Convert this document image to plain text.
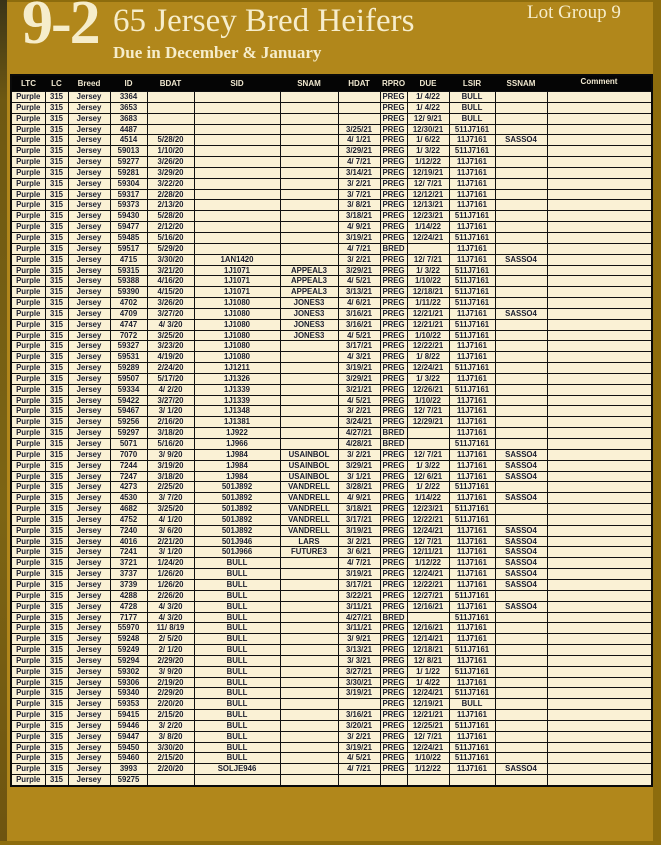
9-2 65 Jersey Bred Heifers
Due in December & January
Lot Group 9
LTC	LC	Breed	ID	BDAT	SID	SNAM	HDAT	RPRO	DUE	LSIR	SSNAM	Comment
Purple	315	Jersey	3364					PREG	1/ 4/22	BULL		
Purple	315	Jersey	3653					PREG	1/ 4/22	BULL		
Purple	315	Jersey	3683					PREG	12/ 9/21	BULL		
Purple	315	Jersey	4487				3/25/21	PREG	12/30/21	511J7161		
Purple	315	Jersey	4514	5/28/20			4/ 1/21	PREG	1/ 6/22	11J7161	SASSO4	
Purple	315	Jersey	59013	1/10/20			3/29/21	PREG	1/ 3/22	511J7161		
Purple	315	Jersey	59277	3/26/20			4/ 7/21	PREG	1/12/22	11J7161		
Purple	315	Jersey	59281	3/29/20			3/14/21	PREG	12/19/21	11J7161		
Purple	315	Jersey	59304	3/22/20			3/ 2/21	PREG	12/ 7/21	11J7161		
Purple	315	Jersey	59317	2/28/20			3/ 7/21	PREG	12/12/21	11J7161		
Purple	315	Jersey	59373	2/13/20			3/ 8/21	PREG	12/13/21	11J7161		
Purple	315	Jersey	59430	5/28/20			3/18/21	PREG	12/23/21	511J7161		
Purple	315	Jersey	59477	2/12/20			4/ 9/21	PREG	1/14/22	11J7161		
Purple	315	Jersey	59485	5/16/20			3/19/21	PREG	12/24/21	511J7161		
Purple	315	Jersey	59517	5/29/20			4/ 7/21	BRED		11J7161		
Purple	315	Jersey	4715	3/30/20	1AN1420		3/ 2/21	PREG	12/ 7/21	11J7161	SASSO4	
Purple	315	Jersey	59315	3/21/20	1J1071	APPEAL3	3/29/21	PREG	1/ 3/22	511J7161		
Purple	315	Jersey	59388	4/16/20	1J1071	APPEAL3	4/ 5/21	PREG	1/10/22	511J7161		
Purple	315	Jersey	59390	4/15/20	1J1071	APPEAL3	3/13/21	PREG	12/18/21	511J7161		
Purple	315	Jersey	4702	3/26/20	1J1080	JONES3	4/ 6/21	PREG	1/11/22	511J7161		
Purple	315	Jersey	4709	3/27/20	1J1080	JONES3	3/16/21	PREG	12/21/21	11J7161	SASSO4	
Purple	315	Jersey	4747	4/ 3/20	1J1080	JONES3	3/16/21	PREG	12/21/21	511J7161		
Purple	315	Jersey	7072	3/25/20	1J1080	JONES3	4/ 5/21	PREG	1/10/22	511J7161		
Purple	315	Jersey	59327	3/23/20	1J1080		3/17/21	PREG	12/22/21	11J7161		
Purple	315	Jersey	59531	4/19/20	1J1080		4/ 3/21	PREG	1/ 8/22	11J7161		
Purple	315	Jersey	59289	2/24/20	1J1211		3/19/21	PREG	12/24/21	511J7161		
Purple	315	Jersey	59507	5/17/20	1J1326		3/29/21	PREG	1/ 3/22	11J7161		
Purple	315	Jersey	59334	4/ 2/20	1J1339		3/21/21	PREG	12/26/21	511J7161		
Purple	315	Jersey	59422	3/27/20	1J1339		4/ 5/21	PREG	1/10/22	11J7161		
Purple	315	Jersey	59467	3/ 1/20	1J1348		3/ 2/21	PREG	12/ 7/21	11J7161		
Purple	315	Jersey	59256	2/16/20	1J1381		3/24/21	PREG	12/29/21	11J7161		
Purple	315	Jersey	59297	3/18/20	1J922		4/27/21	BRED		11J7161		
Purple	315	Jersey	5071	5/16/20	1J966		4/28/21	BRED		511J7161		
Purple	315	Jersey	7070	3/ 9/20	1J984	USAINBOL	3/ 2/21	PREG	12/ 7/21	11J7161	SASSO4	
Purple	315	Jersey	7244	3/19/20	1J984	USAINBOL	3/29/21	PREG	1/ 3/22	11J7161	SASSO4	
Purple	315	Jersey	7247	3/18/20	1J984	USAINBOL	3/ 1/21	PREG	12/ 6/21	11J7161	SASSO4	
Purple	315	Jersey	4273	2/25/20	501J892	VANDRELL	3/28/21	PREG	1/ 2/22	511J7161		
Purple	315	Jersey	4530	3/ 7/20	501J892	VANDRELL	4/ 9/21	PREG	1/14/22	11J7161	SASSO4	
Purple	315	Jersey	4682	3/25/20	501J892	VANDRELL	3/18/21	PREG	12/23/21	511J7161		
Purple	315	Jersey	4752	4/ 1/20	501J892	VANDRELL	3/17/21	PREG	12/22/21	511J7161		
Purple	315	Jersey	7240	3/ 6/20	501J892	VANDRELL	3/19/21	PREG	12/24/21	11J7161	SASSO4	
Purple	315	Jersey	4016	2/21/20	501J946	LARS	3/ 2/21	PREG	12/ 7/21	11J7161	SASSO4	
Purple	315	Jersey	7241	3/ 1/20	501J966	FUTURE3	3/ 6/21	PREG	12/11/21	11J7161	SASSO4	
Purple	315	Jersey	3721	1/24/20	BULL		4/ 7/21	PREG	1/12/22	11J7161	SASSO4	
Purple	315	Jersey	3737	1/26/20	BULL		3/19/21	PREG	12/24/21	11J7161	SASSO4	
Purple	315	Jersey	3739	1/26/20	BULL		3/17/21	PREG	12/22/21	11J7161	SASSO4	
Purple	315	Jersey	4288	2/26/20	BULL		3/22/21	PREG	12/27/21	511J7161		
Purple	315	Jersey	4728	4/ 3/20	BULL		3/11/21	PREG	12/16/21	11J7161	SASSO4	
Purple	315	Jersey	7177	4/ 3/20	BULL		4/27/21	BRED		511J7161		
Purple	315	Jersey	55970	11/ 8/19	BULL		3/11/21	PREG	12/16/21	11J7161		
Purple	315	Jersey	59248	2/ 5/20	BULL		3/ 9/21	PREG	12/14/21	11J7161		
Purple	315	Jersey	59249	2/ 1/20	BULL		3/13/21	PREG	12/18/21	511J7161		
Purple	315	Jersey	59294	2/29/20	BULL		3/ 3/21	PREG	12/ 8/21	11J7161		
Purple	315	Jersey	59302	3/ 9/20	BULL		3/27/21	PREG	1/ 1/22	511J7161		
Purple	315	Jersey	59306	2/19/20	BULL		3/30/21	PREG	1/ 4/22	11J7161		
Purple	315	Jersey	59340	2/29/20	BULL		3/19/21	PREG	12/24/21	511J7161		
Purple	315	Jersey	59353	2/20/20	BULL			PREG	12/19/21	BULL		
Purple	315	Jersey	59415	2/15/20	BULL		3/16/21	PREG	12/21/21	11J7161		
Purple	315	Jersey	59446	3/ 2/20	BULL		3/20/21	PREG	12/25/21	511J7161		
Purple	315	Jersey	59447	3/ 8/20	BULL		3/ 2/21	PREG	12/ 7/21	11J7161		
Purple	315	Jersey	59450	3/30/20	BULL		3/19/21	PREG	12/24/21	511J7161		
Purple	315	Jersey	59460	2/15/20	BULL		4/ 5/21	PREG	1/10/22	511J7161		
Purple	315	Jersey	3993	2/20/20	SOLJE946		4/ 7/21	PREG	1/12/22	11J7161	SASSO4	
Purple	315	Jersey	59275									
